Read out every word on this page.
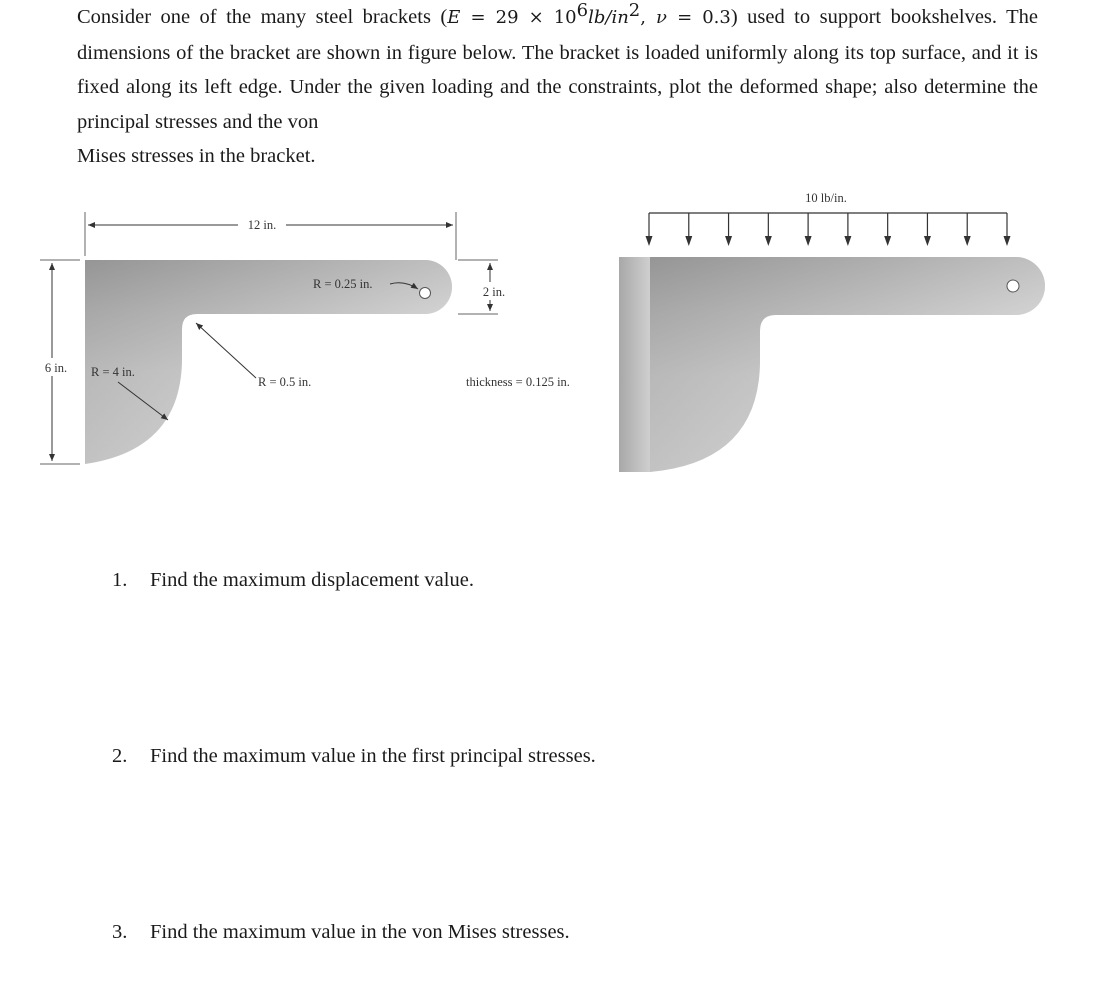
Consider one of the many steel brackets ($E = 29 \times 10^6lb/in^2$, ν = 0.3) used to support bookshelves. The dimensions of the bracket are shown in figure below. The bracket is loaded uniformly along its top surface, and it is fixed along its left edge. Under the given loading and the constraints, plot the deformed shape; also determine the principal stresses and the von
Mises stresses in the bracket.

12 in.
6 in.
2 in.
R = 0.25 in.
R = 4 in.
R = 0.5 in.	thickness = 0.125 in.
10 lb/in.

1. Find the maximum displacement value.

2. Find the maximum value in the first principal stresses.

3. Find the maximum value in the von Mises stresses.
